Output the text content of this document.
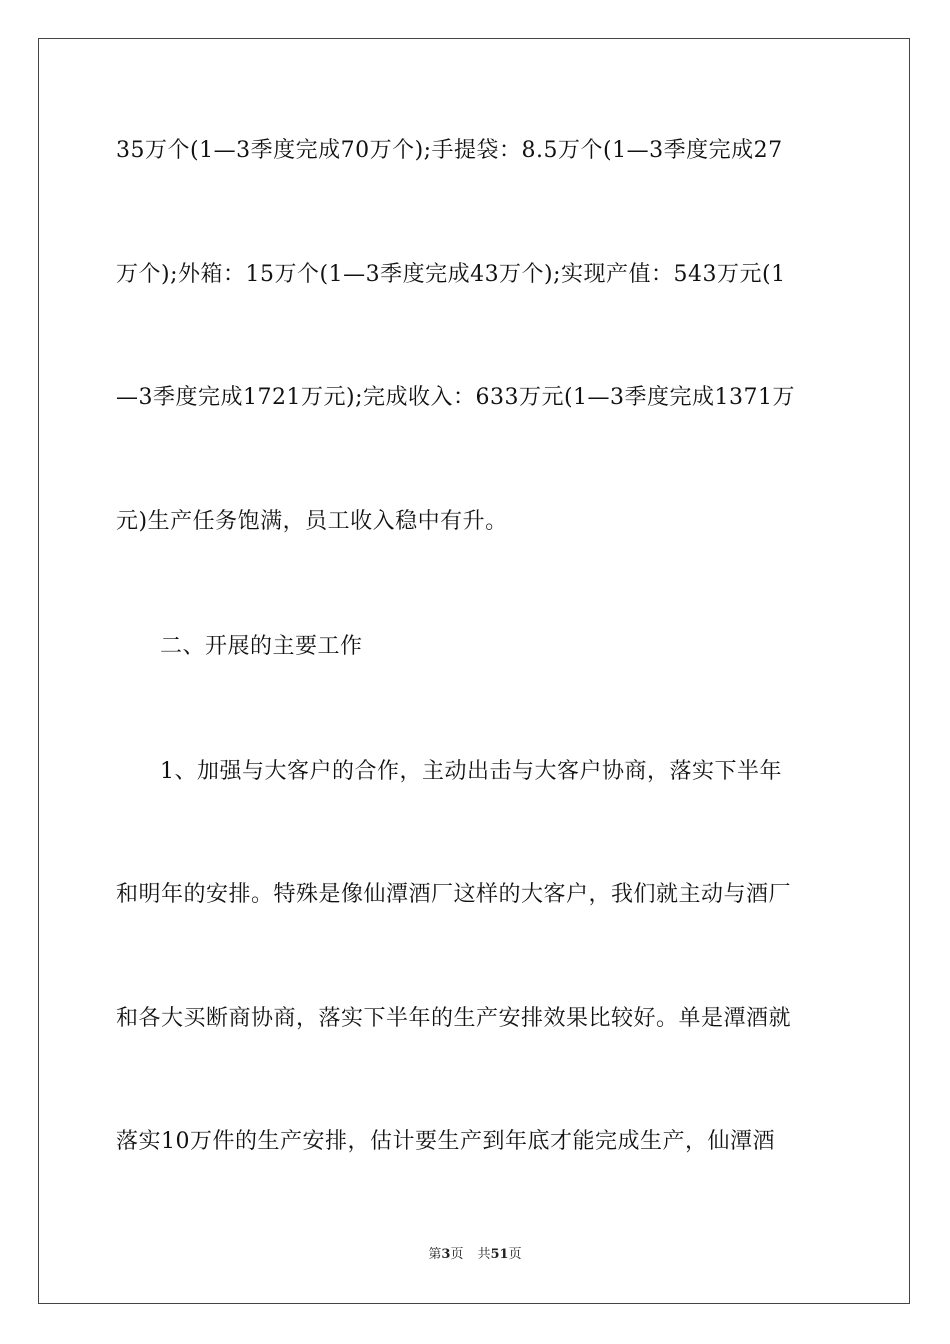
35万个(1—3季度完成70万个);手提袋：8.5万个(1—3季度完成27
万个);外箱：15万个(1—3季度完成43万个);实现产值：543万元(1
—3季度完成1721万元);完成收入：633万元(1—3季度完成1371万
元)生产任务饱满，员工收入稳中有升。
二、开展的主要工作
1、加强与大客户的合作，主动出击与大客户协商，落实下半年
和明年的安排。特殊是像仙潭酒厂这样的大客户，我们就主动与酒厂
和各大买断商协商，落实下半年的生产安排效果比较好。单是潭酒就
落实10万件的生产安排，估计要生产到年底才能完成生产，仙潭酒
第3页 共51页
